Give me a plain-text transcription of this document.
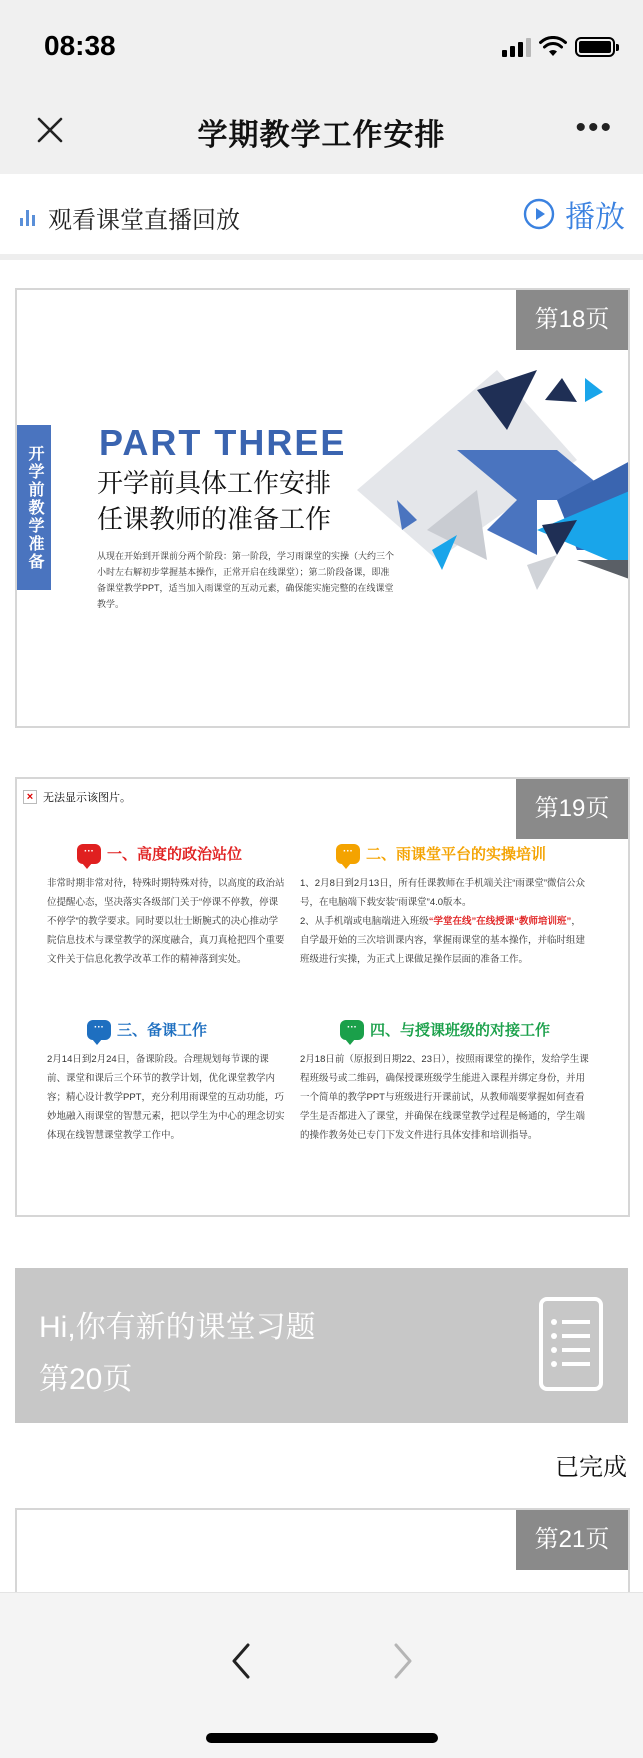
08:38
学期教学工作安排	•••
观看课堂直播回放	播放
第18页
开学前教学准备
PART THREE
开学前具体工作安排
任课教师的准备工作
从现在开始到开课前分两个阶段：第一阶段，学习雨课堂的实操（大约三个小时左右解初步掌握基本操作，正常开启在线课堂）；第二阶段备课，即准备课堂教学PPT，适当加入雨课堂的互动元素，确保能实施完整的在线课堂教学。
× 无法显示该图片。	第19页
··· 一、高度的政治站位
非常时期非常对待，特殊时期特殊对待，以高度的政治站位提醒心态，坚决落实各级部门关于“停课不停教，停课不停学”的教学要求。同时要以壮士断腕式的决心推动学院信息技术与课堂教学的深度融合，真刀真枪把四个重要文件关于信息化教学改革工作的精神落到实处。
··· 二、雨课堂平台的实操培训
1、2月8日到2月13日，所有任课教师在手机端关注“雨课堂”微信公众号，在电脑端下载安装“雨课堂”4.0版本。
2、从手机端或电脑端进入班级“学堂在线”在线授课“教师培训班”，自学最开始的三次培训课内容，掌握雨课堂的基本操作，并临时组建班级进行实操，为正式上课做足操作层面的准备工作。
··· 三、备课工作
2月14日到2月24日，备课阶段。合理规划每节课的课前、课堂和课后三个环节的教学计划，优化课堂教学内容；精心设计教学PPT，充分利用雨课堂的互动功能，巧妙地融入雨课堂的智慧元素，把以学生为中心的理念切实体现在线智慧课堂教学工作中。
··· 四、与授课班级的对接工作
2月18日前（原报到日期22、23日），按照雨课堂的操作，发给学生课程班级号或二维码，确保授课班级学生能进入课程并绑定身份，并用一个简单的教学PPT与班级进行开课前试，从教师端要掌握如何查看学生是否都进入了课堂，并确保在线课堂教学过程是畅通的，学生端的操作教务处已专门下发文件进行具体安排和培训指导。
Hi,你有新的课堂习题
第20页
已完成
第21页
